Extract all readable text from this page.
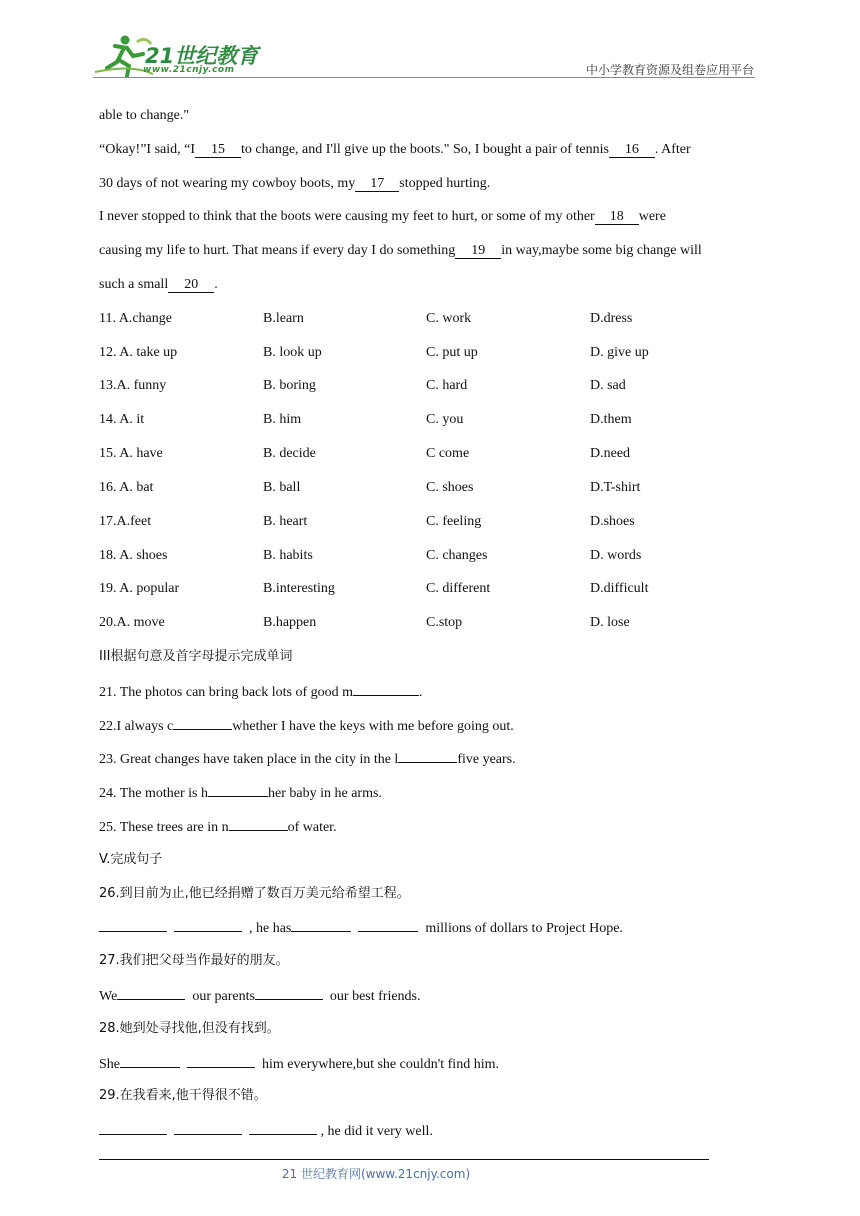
21世纪教育
www.21cnjy.com	中小学教育资源及组卷应用平台
able to change."
“Okay!”I said, “I 15 to change, and I'll give up the boots." So, I bought a pair of tennis 16 . After
30 days of not wearing my cowboy boots, my 17 stopped hurting.
I never stopped to think that the boots were causing my feet to hurt, or some of my other 18 were
causing my life to hurt. That means if every day I do something 19 in way,maybe some big change will
such a small 20 .
11. A.change	B.learn	C. work	D.dress
12. A. take up	B. look up	C. put up	D. give up
13.A. funny	B. boring	C. hard	D. sad
14. A. it	B. him	C. you	D.them
15. A. have	B. decide	C come	D.need
16. A. bat	B. ball	C. shoes	D.T-shirt
17.A.feet	B. heart	C. feeling	D.shoes
18. A. shoes	B. habits	C. changes	D. words
19. A. popular	B.interesting	C. different	D.difficult
20.A. move	B.happen	C.stop	D. lose
III根据句意及首字母提示完成单词
21. The photos can bring back lots of good m	.
22.I always c	whether I have the keys with me before going out.
23. Great changes have taken place in the city in the l	five years.
24. The mother is h	her baby in he arms.
25. These trees are in n	of water.
V.完成句子
26.到目前为止,他已经捐赠了数百万美元给希望工程。
, he has	millions of dollars to Project Hope.
27.我们把父母当作最好的朋友。
We	our parents	our best friends.
28.她到处寻找他,但没有找到。
She	him everywhere,but she couldn't find him.
29.在我看来,他干得很不错。
, he did it very well.
21 世纪教育网(www.21cnjy.com)
